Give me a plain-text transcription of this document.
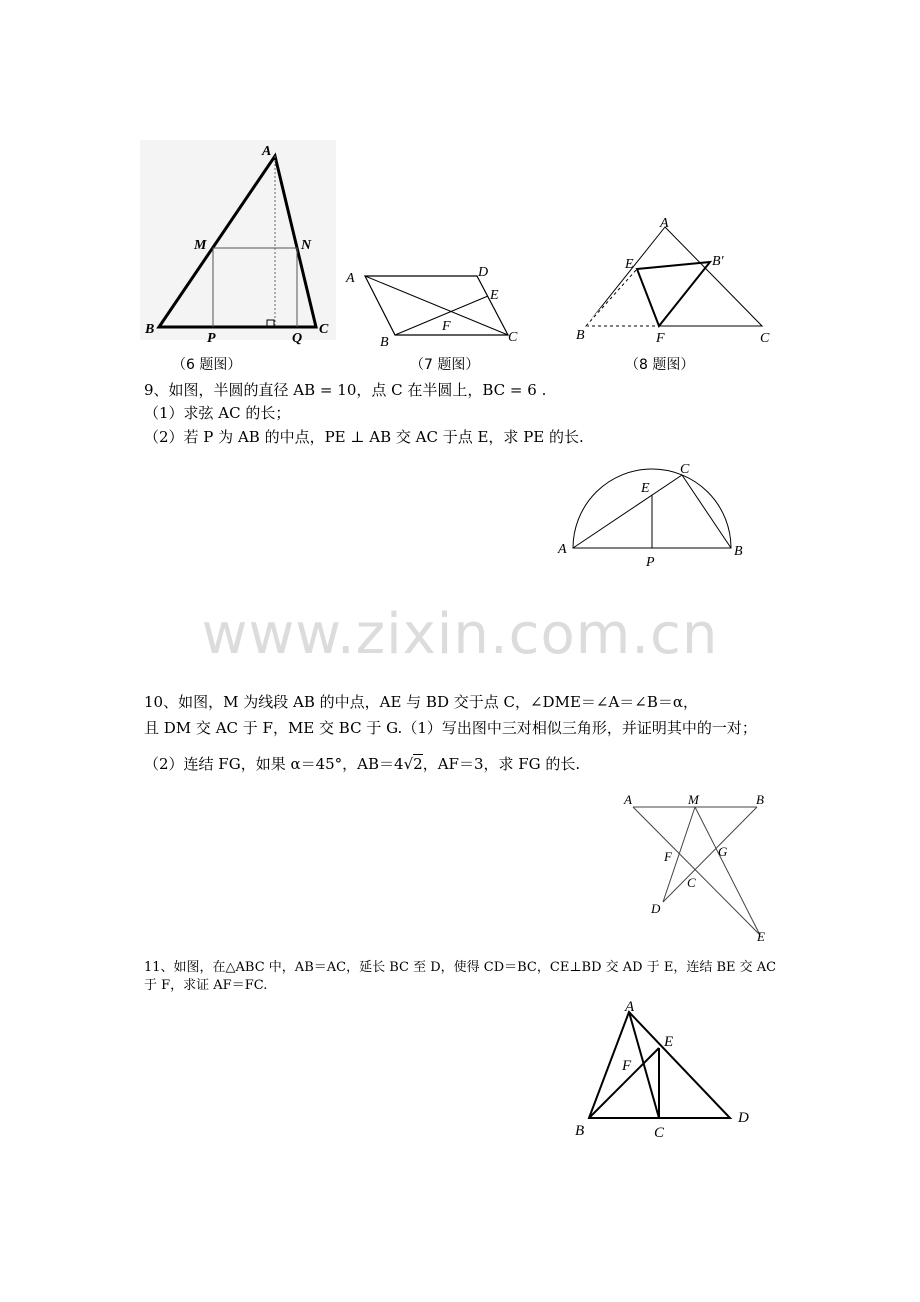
A
M	N
B
P	Q
C
（6 题图）
A	D
E
F
B	C
（7 题图）
A
E	B′
B	F	C
（8 题图）
9、如图，半圆的直径 AB = 10，点 C 在半圆上，BC = 6 .
（1）求弦 AC 的长；
（2）若 P 为 AB 的中点，PE ⊥ AB 交 AC 于点 E，求 PE 的长.
C
E
A	B
P
www.zixin.com.cn
10、如图，M 为线段 AB 的中点，AE 与 BD 交于点 C，∠DME＝∠A＝∠B＝α，
且 DM 交 AC 于 F，ME 交 BC 于 G.（1）写出图中三对相似三角形，并证明其中的一对；
（2）连结 FG，如果 α＝45°，AB＝4√2，AF＝3，求 FG 的长.
A	M	B
F	G
C
D
E
11、如图，在△ABC 中，AB＝AC，延长 BC 至 D，使得 CD＝BC，CE⊥BD 交 AD 于 E，连结 BE 交 AC
于 F，求证 AF＝FC.
A
E
F
B	C
D
